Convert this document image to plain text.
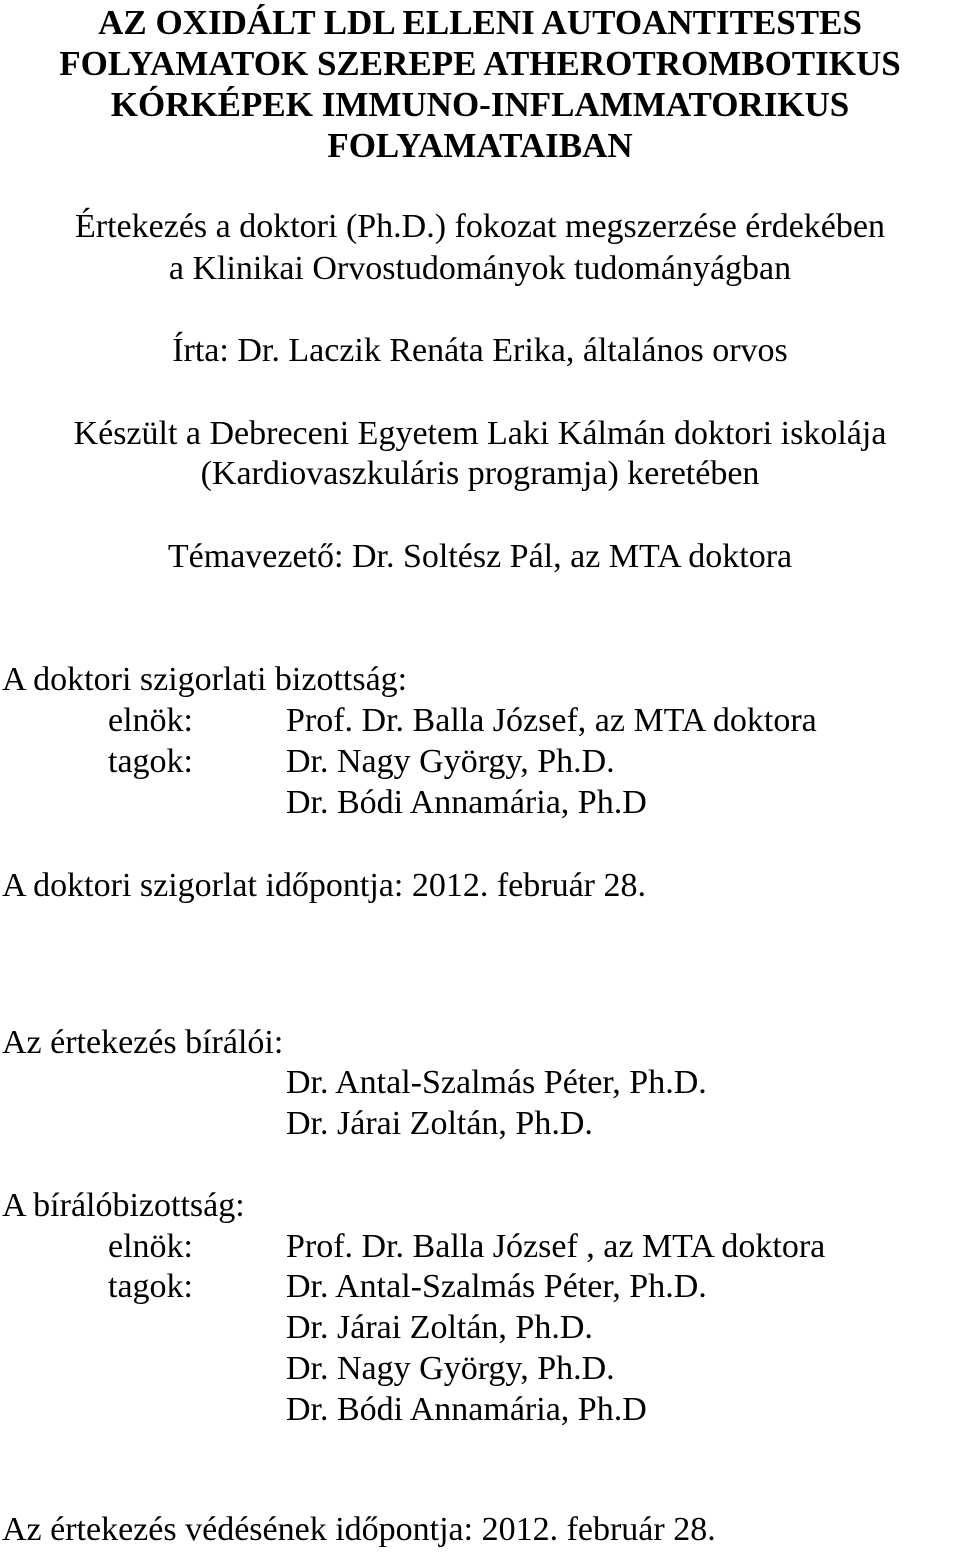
AZ OXIDÁLT LDL ELLENI AUTOANTITESTES
FOLYAMATOK SZEREPE ATHEROTROMBOTIKUS
KÓRKÉPEK IMMUNO-INFLAMMATORIKUS
FOLYAMATAIBAN
Értekezés a doktori (Ph.D.) fokozat megszerzése érdekében
a Klinikai Orvostudományok tudományágban
Írta: Dr. Laczik Renáta Erika, általános orvos
Készült a Debreceni Egyetem Laki Kálmán doktori iskolája
(Kardiovaszkuláris programja) keretében
Témavezető: Dr. Soltész Pál, az MTA doktora
A doktori szigorlati bizottság:
elnök:	Prof. Dr. Balla József, az MTA doktora
tagok:	Dr. Nagy György, Ph.D.
Dr. Bódi Annamária, Ph.D
A doktori szigorlat időpontja: 2012. február 28.
Az értekezés bírálói:
Dr. Antal-Szalmás Péter, Ph.D.
Dr. Járai Zoltán, Ph.D.
A bírálóbizottság:
elnök:	Prof. Dr. Balla József , az MTA doktora
tagok:	Dr. Antal-Szalmás Péter, Ph.D.
Dr. Járai Zoltán, Ph.D.
Dr. Nagy György, Ph.D.
Dr. Bódi Annamária, Ph.D
Az értekezés védésének időpontja: 2012. február 28.
